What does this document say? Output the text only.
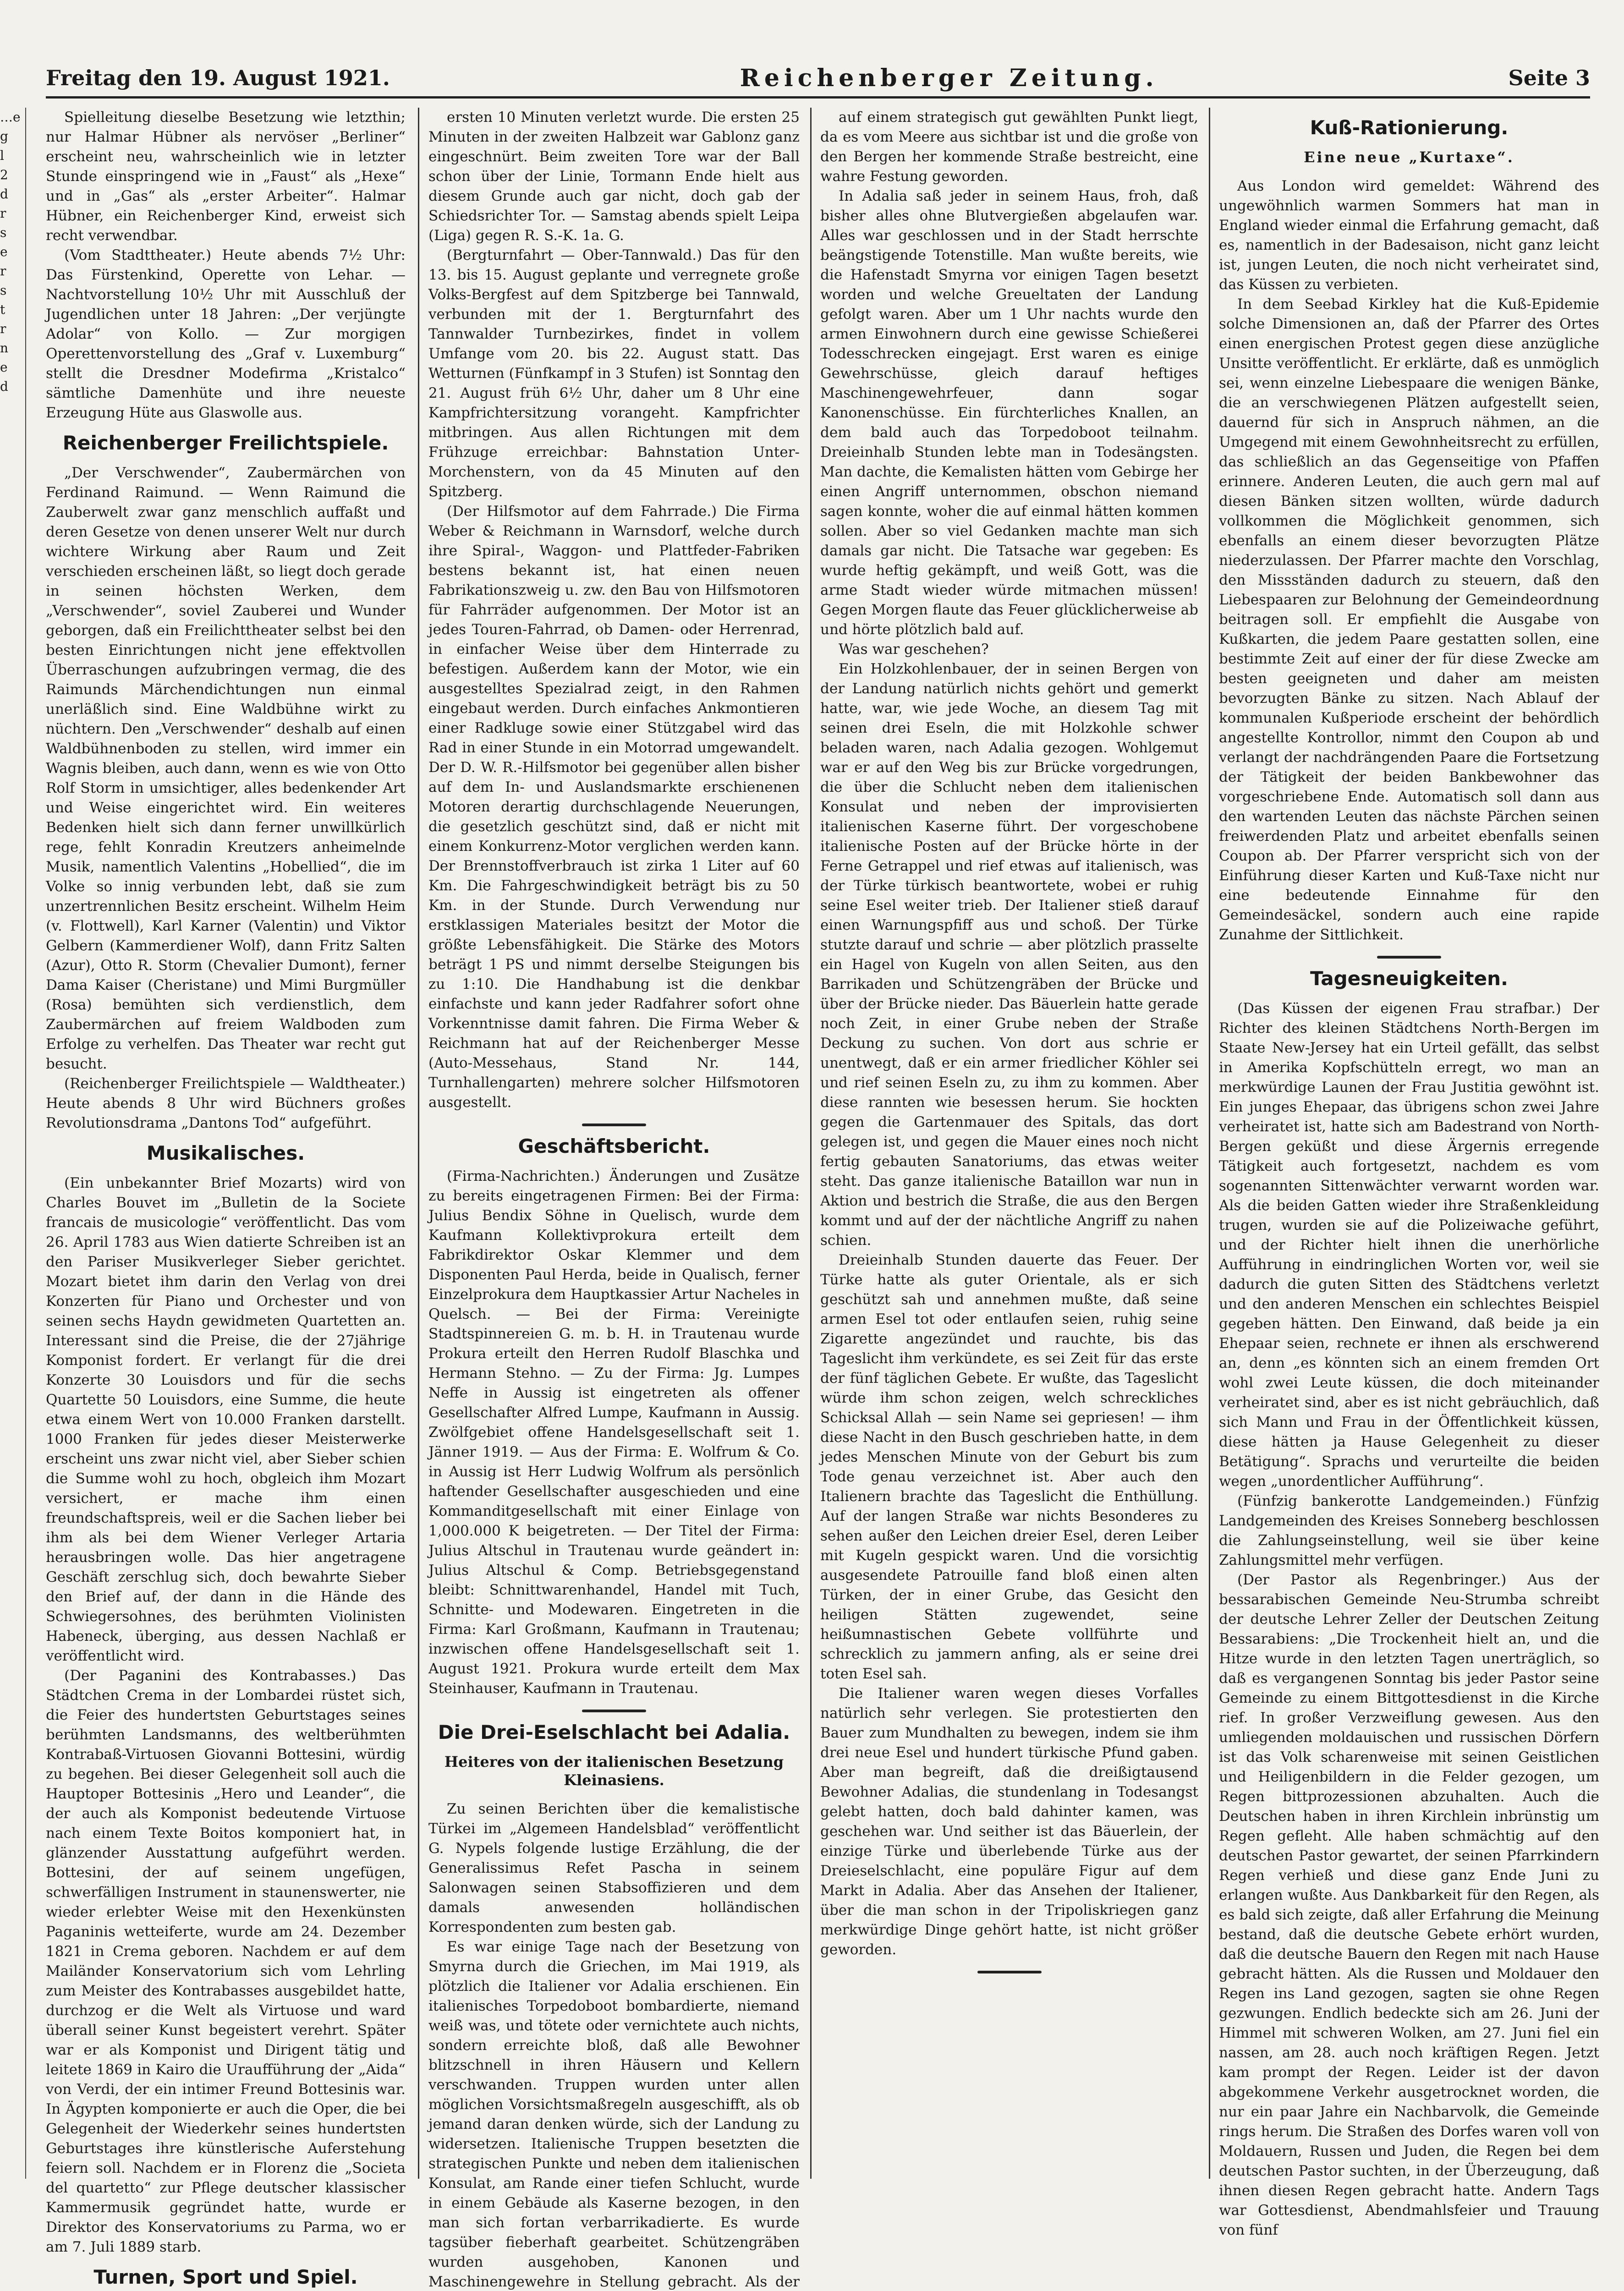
Freitag den 19. August 1921.	Reichenberger Zeitung.	Seite 3
…e
g
l
2
d
r
s
e
r
s
t
r
n
e
d

Spielleitung dieselbe Besetzung wie letzthin; nur Halmar Hübner als nervöser „Berliner“ erscheint neu, wahrscheinlich wie in letzter Stunde einspringend wie in „Faust“ als „Hexe“ und in „Gas“ als „erster Arbeiter“. Halmar Hübner, ein Reichenberger Kind, erweist sich recht verwendbar.

(Vom Stadttheater.) Heute abends 7½ Uhr: Das Fürstenkind, Operette von Lehar. — Nachtvorstellung 10½ Uhr mit Ausschluß der Jugendlichen unter 18 Jahren: „Der verjüngte Adolar“ von Kollo. — Zur morgigen Operettenvorstellung des „Graf v. Luxemburg“ stellt die Dresdner Modefirma „Kristalco“ sämtliche Damenhüte und ihre neueste Erzeugung Hüte aus Glaswolle aus.

Reichenberger Freilichtspiele.

„Der Verschwender“, Zaubermärchen von Ferdinand Raimund. — Wenn Raimund die Zauberwelt zwar ganz menschlich auffaßt und deren Gesetze von denen unserer Welt nur durch wichtere Wirkung aber Raum und Zeit verschieden erscheinen läßt, so liegt doch gerade in seinen höchsten Werken, dem „Verschwender“, soviel Zauberei und Wunder geborgen, daß ein Freilichttheater selbst bei den besten Einrichtungen nicht jene effektvollen Überraschungen aufzubringen vermag, die des Raimunds Märchendichtungen nun einmal unerläßlich sind. Eine Waldbühne wirkt zu nüchtern. Den „Verschwender“ deshalb auf einen Waldbühnenboden zu stellen, wird immer ein Wagnis bleiben, auch dann, wenn es wie von Otto Rolf Storm in umsichtiger, alles bedenkender Art und Weise eingerichtet wird. Ein weiteres Bedenken hielt sich dann ferner unwillkürlich rege, fehlt Konradin Kreutzers anheimelnde Musik, namentlich Valentins „Hobellied“, die im Volke so innig verbunden lebt, daß sie zum unzertrennlichen Besitz erscheint. Wilhelm Heim (v. Flottwell), Karl Karner (Valentin) und Viktor Gelbern (Kammerdiener Wolf), dann Fritz Salten (Azur), Otto R. Storm (Chevalier Dumont), ferner Dama Kaiser (Cheristane) und Mimi Burgmüller (Rosa) bemühten sich verdienstlich, dem Zaubermärchen auf freiem Waldboden zum Erfolge zu verhelfen. Das Theater war recht gut besucht.

(Reichenberger Freilichtspiele — Waldtheater.) Heute abends 8 Uhr wird Büchners großes Revolutionsdrama „Dantons Tod“ aufgeführt.

Musikalisches.

(Ein unbekannter Brief Mozarts) wird von Charles Bouvet im „Bulletin de la Societe francais de musicologie“ veröffentlicht. Das vom 26. April 1783 aus Wien datierte Schreiben ist an den Pariser Musikverleger Sieber gerichtet. Mozart bietet ihm darin den Verlag von drei Konzerten für Piano und Orchester und von seinen sechs Haydn gewidmeten Quartetten an. Interessant sind die Preise, die der 27jährige Komponist fordert. Er verlangt für die drei Konzerte 30 Louisdors und für die sechs Quartette 50 Louisdors, eine Summe, die heute etwa einem Wert von 10.000 Franken darstellt. 1000 Franken für jedes dieser Meisterwerke erscheint uns zwar nicht viel, aber Sieber schien die Summe wohl zu hoch, obgleich ihm Mozart versichert, er mache ihm einen freundschaftspreis, weil er die Sachen lieber bei ihm als bei dem Wiener Verleger Artaria herausbringen wolle. Das hier angetragene Geschäft zerschlug sich, doch bewahrte Sieber den Brief auf, der dann in die Hände des Schwiegersohnes, des berühmten Violinisten Habeneck, überging, aus dessen Nachlaß er veröffentlicht wird.

(Der Paganini des Kontrabasses.) Das Städtchen Crema in der Lombardei rüstet sich, die Feier des hundertsten Geburtstages seines berühmten Landsmanns, des weltberühmten Kontrabaß-Virtuosen Giovanni Bottesini, würdig zu begehen. Bei dieser Gelegenheit soll auch die Hauptoper Bottesinis „Hero und Leander“, die der auch als Komponist bedeutende Virtuose nach einem Texte Boitos komponiert hat, in glänzender Ausstattung aufgeführt werden. Bottesini, der auf seinem ungefügen, schwerfälligen Instrument in staunenswerter, nie wieder erlebter Weise mit den Hexenkünsten Paganinis wetteiferte, wurde am 24. Dezember 1821 in Crema geboren. Nachdem er auf dem Mailänder Konservatorium sich vom Lehrling zum Meister des Kontrabasses ausgebildet hatte, durchzog er die Welt als Virtuose und ward überall seiner Kunst begeistert verehrt. Später war er als Komponist und Dirigent tätig und leitete 1869 in Kairo die Uraufführung der „Aida“ von Verdi, der ein intimer Freund Bottesinis war. In Ägypten komponierte er auch die Oper, die bei Gelegenheit der Wiederkehr seines hundertsten Geburtstages ihre künstlerische Auferstehung feiern soll. Nachdem er in Florenz die „Societa del quartetto“ zur Pflege deutscher klassischer Kammermusik gegründet hatte, wurde er Direktor des Konservatoriums zu Parma, wo er am 7. Juli 1889 starb.

Turnen, Sport und Spiel.

ersten 10 Minuten verletzt wurde. Die ersten 25 Minuten in der zweiten Halbzeit war Gablonz ganz eingeschnürt. Beim zweiten Tore war der Ball schon über der Linie, Tormann Ende hielt aus diesem Grunde auch gar nicht, doch gab der Schiedsrichter Tor. — Samstag abends spielt Leipa (Liga) gegen R. S.-K. 1a. G.

(Bergturnfahrt — Ober-Tannwald.) Das für den 13. bis 15. August geplante und verregnete große Volks-Bergfest auf dem Spitzberge bei Tannwald, verbunden mit der 1. Bergturnfahrt des Tannwalder Turnbezirkes, findet in vollem Umfange vom 20. bis 22. August statt. Das Wetturnen (Fünfkampf in 3 Stufen) ist Sonntag den 21. August früh 6½ Uhr, daher um 8 Uhr eine Kampfrichtersitzung vorangeht. Kampfrichter mitbringen. Aus allen Richtungen mit dem Frühzuge erreichbar: Bahnstation Unter-Morchenstern, von da 45 Minuten auf den Spitzberg.

(Der Hilfsmotor auf dem Fahrrade.) Die Firma Weber & Reichmann in Warnsdorf, welche durch ihre Spiral-, Waggon- und Plattfeder-Fabriken bestens bekannt ist, hat einen neuen Fabrikationszweig u. zw. den Bau von Hilfsmotoren für Fahrräder aufgenommen. Der Motor ist an jedes Touren-Fahrrad, ob Damen- oder Herrenrad, in einfacher Weise über dem Hinterrade zu befestigen. Außerdem kann der Motor, wie ein ausgestelltes Spezialrad zeigt, in den Rahmen eingebaut werden. Durch einfaches Ankmontieren einer Radkluge sowie einer Stützgabel wird das Rad in einer Stunde in ein Motorrad umgewandelt. Der D. W. R.-Hilfsmotor bei gegenüber allen bisher auf dem In- und Auslandsmarkte erschienenen Motoren derartig durchschlagende Neuerungen, die gesetzlich geschützt sind, daß er nicht mit einem Konkurrenz-Motor verglichen werden kann. Der Brennstoffverbrauch ist zirka 1 Liter auf 60 Km. Die Fahrgeschwindigkeit beträgt bis zu 50 Km. in der Stunde. Durch Verwendung nur erstklassigen Materiales besitzt der Motor die größte Lebensfähigkeit. Die Stärke des Motors beträgt 1 PS und nimmt derselbe Steigungen bis zu 1:10. Die Handhabung ist die denkbar einfachste und kann jeder Radfahrer sofort ohne Vorkenntnisse damit fahren. Die Firma Weber & Reichmann hat auf der Reichenberger Messe (Auto-Messehaus, Stand Nr. 144, Turnhallengarten) mehrere solcher Hilfsmotoren ausgestellt.

Geschäftsbericht.

(Firma-Nachrichten.) Änderungen und Zusätze zu bereits eingetragenen Firmen: Bei der Firma: Julius Bendix Söhne in Quelisch, wurde dem Kaufmann Kollektivprokura erteilt dem Fabrikdirektor Oskar Klemmer und dem Disponenten Paul Herda, beide in Qualisch, ferner Einzelprokura dem Hauptkassier Artur Nacheles in Quelsch. — Bei der Firma: Vereinigte Stadtspinnereien G. m. b. H. in Trautenau wurde Prokura erteilt den Herren Rudolf Blaschka und Hermann Stehno. — Zu der Firma: Jg. Lumpes Neffe in Aussig ist eingetreten als offener Gesellschafter Alfred Lumpe, Kaufmann in Aussig. Zwölfgebiet offene Handelsgesellschaft seit 1. Jänner 1919. — Aus der Firma: E. Wolfrum & Co. in Aussig ist Herr Ludwig Wolfrum als persönlich haftender Gesellschafter ausgeschieden und eine Kommanditgesellschaft mit einer Einlage von 1,000.000 K beigetreten. — Der Titel der Firma: Julius Altschul in Trautenau wurde geändert in: Julius Altschul & Comp. Betriebsgegenstand bleibt: Schnittwarenhandel, Handel mit Tuch, Schnitte- und Modewaren. Eingetreten in die Firma: Karl Großmann, Kaufmann in Trautenau; inzwischen offene Handelsgesellschaft seit 1. August 1921. Prokura wurde erteilt dem Max Steinhauser, Kaufmann in Trautenau.

Die Drei-Eselschlacht bei Adalia.
Heiteres von der italienischen Besetzung Kleinasiens.

Zu seinen Berichten über die kemalistische Türkei im „Algemeen Handelsblad“ veröffentlicht G. Nypels folgende lustige Erzählung, die der Generalissimus Refet Pascha in seinem Salonwagen seinen Stabsoffizieren und dem damals anwesenden holländischen Korrespondenten zum besten gab.

Es war einige Tage nach der Besetzung von Smyrna durch die Griechen, im Mai 1919, als plötzlich die Italiener vor Adalia erschienen. Ein italienisches Torpedoboot bombardierte, niemand weiß was, und tötete oder vernichtete auch nichts, sondern erreichte bloß, daß alle Bewohner blitzschnell in ihren Häusern und Kellern verschwanden. Truppen wurden unter allen möglichen Vorsichtsmaßregeln ausgeschifft, als ob jemand daran denken würde, sich der Landung zu widersetzen. Italienische Truppen besetzten die strategischen Punkte und neben dem italienischen Konsulat, am Rande einer tiefen Schlucht, wurde in einem Gebäude als Kaserne bezogen, in den man sich fortan verbarrikadierte. Es wurde tagsüber fieberhaft gearbeitet. Schützengräben wurden ausgehoben, Kanonen und Maschinengewehre in Stellung gebracht. Als der

auf einem strategisch gut gewählten Punkt liegt, da es vom Meere aus sichtbar ist und die große von den Bergen her kommende Straße bestreicht, eine wahre Festung geworden.

In Adalia saß jeder in seinem Haus, froh, daß bisher alles ohne Blutvergießen abgelaufen war. Alles war geschlossen und in der Stadt herrschte beängstigende Totenstille. Man wußte bereits, wie die Hafenstadt Smyrna vor einigen Tagen besetzt worden und welche Greueltaten der Landung gefolgt waren. Aber um 1 Uhr nachts wurde den armen Einwohnern durch eine gewisse Schießerei Todesschrecken eingejagt. Erst waren es einige Gewehrschüsse, gleich darauf heftiges Maschinengewehrfeuer, dann sogar Kanonenschüsse. Ein fürchterliches Knallen, an dem bald auch das Torpedoboot teilnahm. Dreieinhalb Stunden lebte man in Todesängsten. Man dachte, die Kemalisten hätten vom Gebirge her einen Angriff unternommen, obschon niemand sagen konnte, woher die auf einmal hätten kommen sollen. Aber so viel Gedanken machte man sich damals gar nicht. Die Tatsache war gegeben: Es wurde heftig gekämpft, und weiß Gott, was die arme Stadt wieder würde mitmachen müssen! Gegen Morgen flaute das Feuer glücklicherweise ab und hörte plötzlich bald auf.

Was war geschehen?

Ein Holzkohlenbauer, der in seinen Bergen von der Landung natürlich nichts gehört und gemerkt hatte, war, wie jede Woche, an diesem Tag mit seinen drei Eseln, die mit Holzkohle schwer beladen waren, nach Adalia gezogen. Wohlgemut war er auf den Weg bis zur Brücke vorgedrungen, die über die Schlucht neben dem italienischen Konsulat und neben der improvisierten italienischen Kaserne führt. Der vorgeschobene italienische Posten auf der Brücke hörte in der Ferne Getrappel und rief etwas auf italienisch, was der Türke türkisch beantwortete, wobei er ruhig seine Esel weiter trieb. Der Italiener stieß darauf einen Warnungspfiff aus und schoß. Der Türke stutzte darauf und schrie — aber plötzlich prasselte ein Hagel von Kugeln von allen Seiten, aus den Barrikaden und Schützengräben der Brücke und über der Brücke nieder. Das Bäuerlein hatte gerade noch Zeit, in einer Grube neben der Straße Deckung zu suchen. Von dort aus schrie er unentwegt, daß er ein armer friedlicher Köhler sei und rief seinen Eseln zu, zu ihm zu kommen. Aber diese rannten wie besessen herum. Sie hockten gegen die Gartenmauer des Spitals, das dort gelegen ist, und gegen die Mauer eines noch nicht fertig gebauten Sanatoriums, das etwas weiter steht. Das ganze italienische Bataillon war nun in Aktion und bestrich die Straße, die aus den Bergen kommt und auf der der nächtliche Angriff zu nahen schien.

Dreieinhalb Stunden dauerte das Feuer. Der Türke hatte als guter Orientale, als er sich geschützt sah und annehmen mußte, daß seine armen Esel tot oder entlaufen seien, ruhig seine Zigarette angezündet und rauchte, bis das Tageslicht ihm verkündete, es sei Zeit für das erste der fünf täglichen Gebete. Er wußte, das Tageslicht würde ihm schon zeigen, welch schreckliches Schicksal Allah — sein Name sei gepriesen! — ihm diese Nacht in den Busch geschrieben hatte, in dem jedes Menschen Minute von der Geburt bis zum Tode genau verzeichnet ist. Aber auch den Italienern brachte das Tageslicht die Enthüllung. Auf der langen Straße war nichts Besonderes zu sehen außer den Leichen dreier Esel, deren Leiber mit Kugeln gespickt waren. Und die vorsichtig ausgesendete Patrouille fand bloß einen alten Türken, der in einer Grube, das Gesicht den heiligen Stätten zugewendet, seine heißumnastischen Gebete vollführte und schrecklich zu jammern anfing, als er seine drei toten Esel sah.

Die Italiener waren wegen dieses Vorfalles natürlich sehr verlegen. Sie protestierten den Bauer zum Mundhalten zu bewegen, indem sie ihm drei neue Esel und hundert türkische Pfund gaben. Aber man begreift, daß die dreißigtausend Bewohner Adalias, die stundenlang in Todesangst gelebt hatten, doch bald dahinter kamen, was geschehen war. Und seither ist das Bäuerlein, der einzige Türke und überlebende Türke aus der Dreieselschlacht, eine populäre Figur auf dem Markt in Adalia. Aber das Ansehen der Italiener, über die man schon in der Tripoliskriegen ganz merkwürdige Dinge gehört hatte, ist nicht größer geworden.

Kuß-Rationierung.
Eine neue „Kurtaxe“.

Aus London wird gemeldet: Während des ungewöhnlich warmen Sommers hat man in England wieder einmal die Erfahrung gemacht, daß es, namentlich in der Badesaison, nicht ganz leicht ist, jungen Leuten, die noch nicht verheiratet sind, das Küssen zu verbieten.

In dem Seebad Kirkley hat die Kuß-Epidemie solche Dimensionen an, daß der Pfarrer des Ortes einen energischen Protest gegen diese anzügliche Unsitte veröffentlicht. Er erklärte, daß es unmöglich sei, wenn einzelne Liebespaare die wenigen Bänke, die an verschwiegenen Plätzen aufgestellt seien, dauernd für sich in Anspruch nähmen, an die Umgegend mit einem Gewohnheitsrecht zu erfüllen, das schließlich an das Gegenseitige von Pfaffen erinnere. Anderen Leuten, die auch gern mal auf diesen Bänken sitzen wollten, würde dadurch vollkommen die Möglichkeit genommen, sich ebenfalls an einem dieser bevorzugten Plätze niederzulassen. Der Pfarrer machte den Vorschlag, den Missständen dadurch zu steuern, daß den Liebespaaren zur Belohnung der Gemeindeordnung beitragen soll. Er empfiehlt die Ausgabe von Kußkarten, die jedem Paare gestatten sollen, eine bestimmte Zeit auf einer der für diese Zwecke am besten geeigneten und daher am meisten bevorzugten Bänke zu sitzen. Nach Ablauf der kommunalen Kußperiode erscheint der behördlich angestellte Kontrollor, nimmt den Coupon ab und verlangt der nachdrängenden Paare die Fortsetzung der Tätigkeit der beiden Bankbewohner das vorgeschriebene Ende. Automatisch soll dann aus den wartenden Leuten das nächste Pärchen seinen freiwerdenden Platz und arbeitet ebenfalls seinen Coupon ab. Der Pfarrer verspricht sich von der Einführung dieser Karten und Kuß-Taxe nicht nur eine bedeutende Einnahme für den Gemeindesäckel, sondern auch eine rapide Zunahme der Sittlichkeit.

Tagesneuigkeiten.

(Das Küssen der eigenen Frau strafbar.) Der Richter des kleinen Städtchens North-Bergen im Staate New-Jersey hat ein Urteil gefällt, das selbst in Amerika Kopfschütteln erregt, wo man an merkwürdige Launen der Frau Justitia gewöhnt ist. Ein junges Ehepaar, das übrigens schon zwei Jahre verheiratet ist, hatte sich am Badestrand von North-Bergen geküßt und diese Ärgernis erregende Tätigkeit auch fortgesetzt, nachdem es vom sogenannten Sittenwächter verwarnt worden war. Als die beiden Gatten wieder ihre Straßenkleidung trugen, wurden sie auf die Polizeiwache geführt, und der Richter hielt ihnen die unerhörliche Aufführung in eindringlichen Worten vor, weil sie dadurch die guten Sitten des Städtchens verletzt und den anderen Menschen ein schlechtes Beispiel gegeben hätten. Den Einwand, daß beide ja ein Ehepaar seien, rechnete er ihnen als erschwerend an, denn „es könnten sich an einem fremden Ort wohl zwei Leute küssen, die doch miteinander verheiratet sind, aber es ist nicht gebräuchlich, daß sich Mann und Frau in der Öffentlichkeit küssen, diese hätten ja Hause Gelegenheit zu dieser Betätigung“. Sprachs und verurteilte die beiden wegen „unordentlicher Aufführung“.

(Fünfzig bankerotte Landgemeinden.) Fünfzig Landgemeinden des Kreises Sonneberg beschlossen die Zahlungseinstellung, weil sie über keine Zahlungsmittel mehr verfügen.

(Der Pastor als Regenbringer.) Aus der bessarabischen Gemeinde Neu-Strumba schreibt der deutsche Lehrer Zeller der Deutschen Zeitung Bessarabiens: „Die Trockenheit hielt an, und die Hitze wurde in den letzten Tagen unerträglich, so daß es vergangenen Sonntag bis jeder Pastor seine Gemeinde zu einem Bittgottesdienst in die Kirche rief. In großer Verzweiflung gewesen. Aus den umliegenden moldauischen und russischen Dörfern ist das Volk scharenweise mit seinen Geistlichen und Heiligenbildern in die Felder gezogen, um Regen bittprozessionen abzuhalten. Auch die Deutschen haben in ihren Kirchlein inbrünstig um Regen gefleht. Alle haben schmächtig auf den deutschen Pastor gewartet, der seinen Pfarrkindern Regen verhieß und diese ganz Ende Juni zu erlangen wußte. Aus Dankbarkeit für den Regen, als es bald sich zeigte, daß aller Erfahrung die Meinung bestand, daß die deutsche Gebete erhört wurden, daß die deutsche Bauern den Regen mit nach Hause gebracht hätten. Als die Russen und Moldauer den Regen ins Land gezogen, sagten sie ohne Regen gezwungen. Endlich bedeckte sich am 26. Juni der Himmel mit schweren Wolken, am 27. Juni fiel ein nassen, am 28. auch noch kräftigen Regen. Jetzt kam prompt der Regen. Leider ist der davon abgekommene Verkehr ausgetrocknet worden, die nur ein paar Jahre ein Nachbarvolk, die Gemeinde rings herum. Die Straßen des Dorfes waren voll von Moldauern, Russen und Juden, die Regen bei dem deutschen Pastor suchten, in der Überzeugung, daß ihnen diesen Regen gebracht hatte. Andern Tags war Gottesdienst, Abendmahlsfeier und Trauung von fünf
